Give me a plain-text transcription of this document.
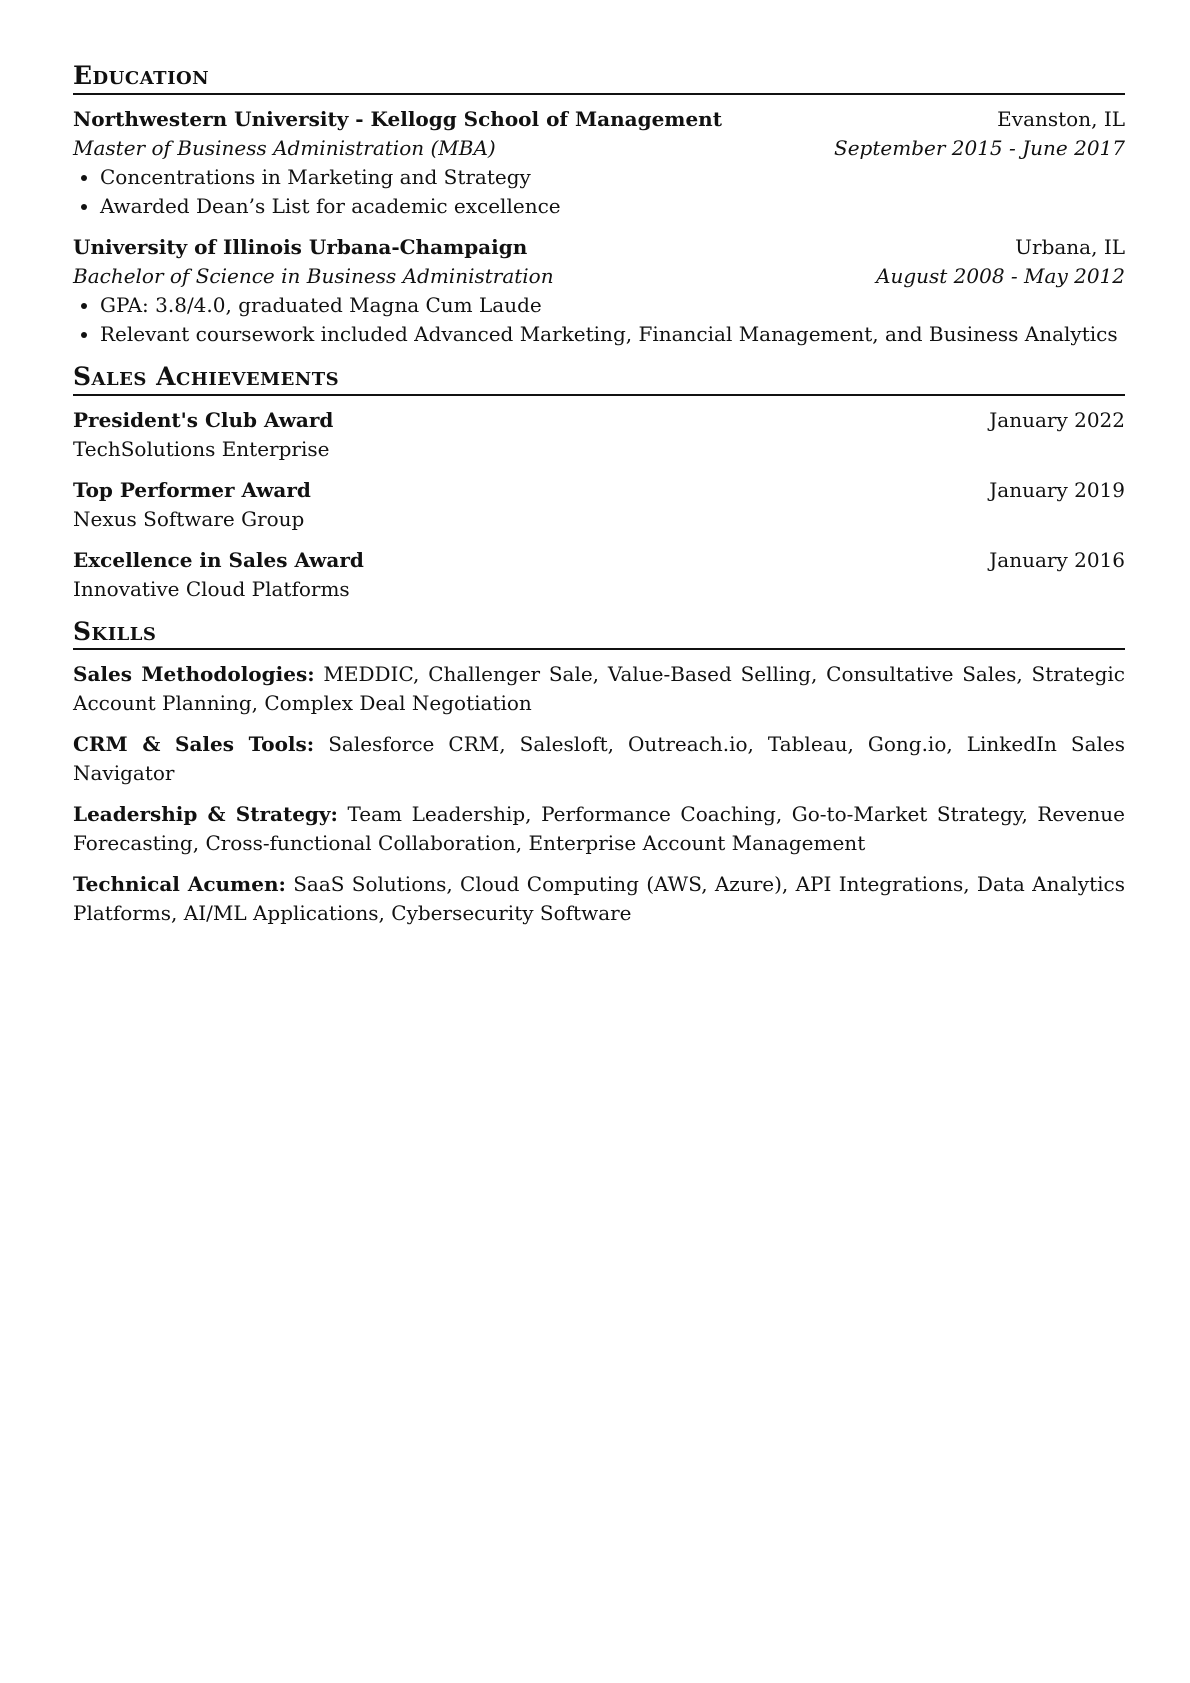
Education
Northwestern University - Kellogg School of Management	Evanston, IL
Master of Business Administration (MBA)	September 2015 - June 2017
• Concentrations in Marketing and Strategy
• Awarded Dean’s List for academic excellence
University of Illinois Urbana-Champaign	Urbana, IL
Bachelor of Science in Business Administration	August 2008 - May 2012
• GPA: 3.8/4.0, graduated Magna Cum Laude
• Relevant coursework included Advanced Marketing, Financial Management, and Business Analytics
Sales Achievements
President's Club Award	January 2022
TechSolutions Enterprise
Top Performer Award	January 2019
Nexus Software Group
Excellence in Sales Award	January 2016
Innovative Cloud Platforms
Skills
Sales Methodologies: MEDDIC, Challenger Sale, Value-Based Selling, Consultative Sales, Strategic Account Planning, Complex Deal Negotiation
CRM & Sales Tools: Salesforce CRM, Salesloft, Outreach.io, Tableau, Gong.io, LinkedIn Sales Navigator
Leadership & Strategy: Team Leadership, Performance Coaching, Go-to-Market Strategy, Revenue Forecasting, Cross-functional Collaboration, Enterprise Account Management
Technical Acumen: SaaS Solutions, Cloud Computing (AWS, Azure), API Integrations, Data Analytics Platforms, AI/ML Applications, Cybersecurity Software
